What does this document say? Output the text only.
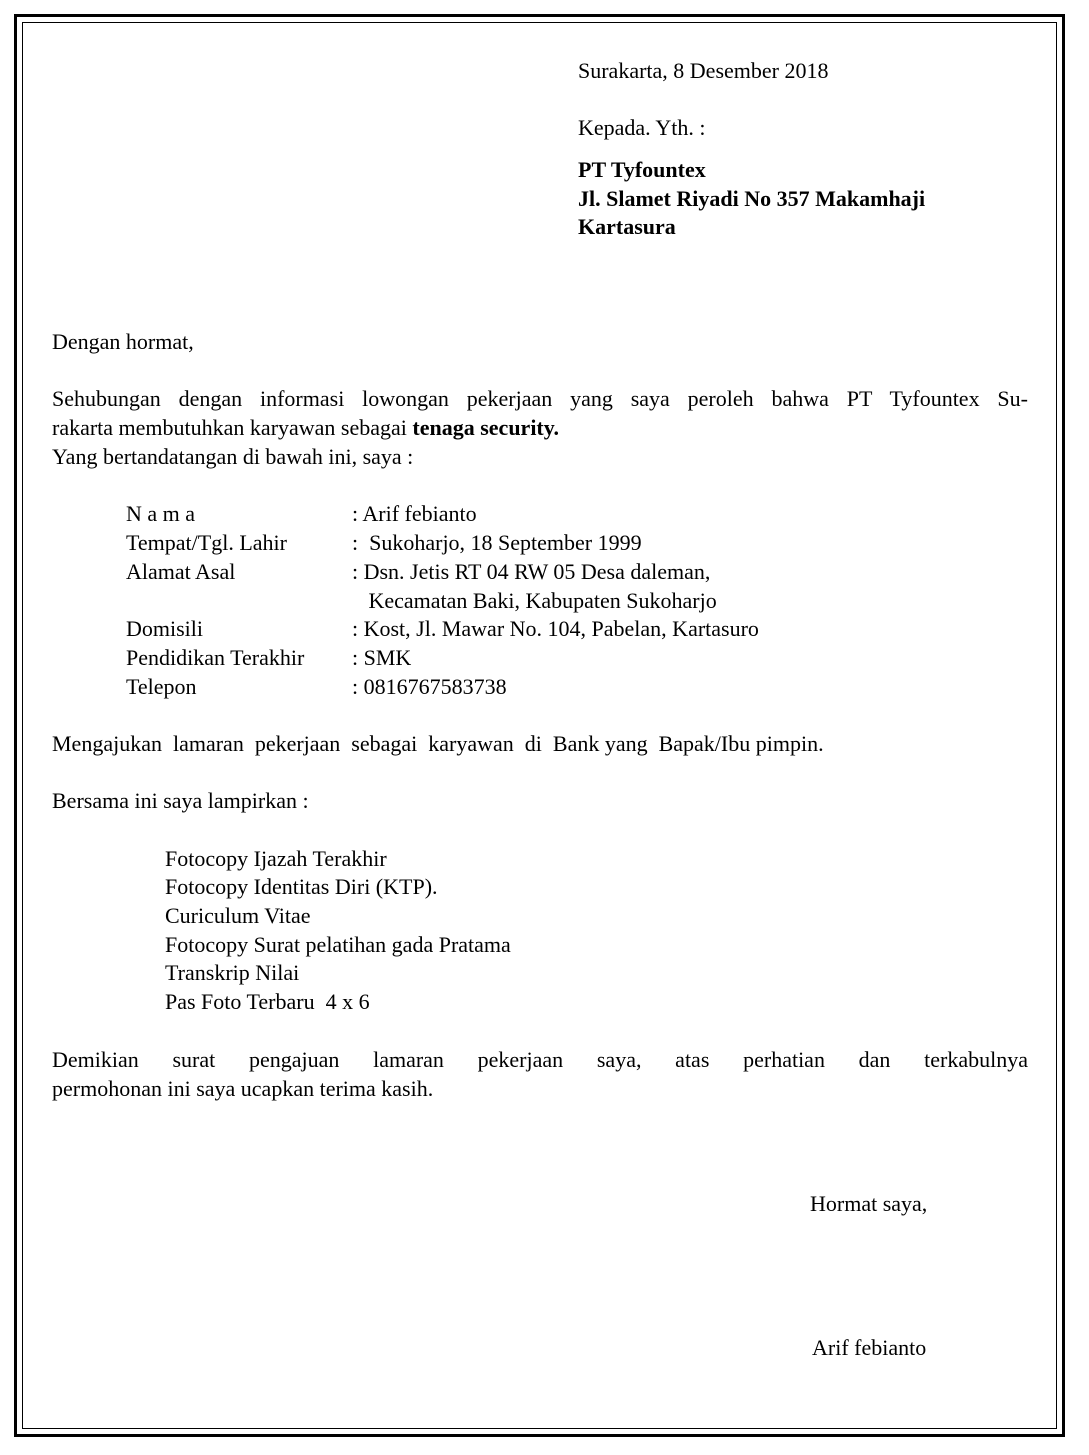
Surakarta, 8 Desember 2018
Kepada. Yth. :
PT Tyfountex
Jl. Slamet Riyadi No 357 Makamhaji
Kartasura
Dengan hormat,
Sehubungan dengan informasi lowongan pekerjaan yang saya peroleh bahwa PT Tyfountex Su-
rakarta membutuhkan karyawan sebagai tenaga security.
Yang bertandatangan di bawah ini, saya :
N a m a	: Arif febianto
Tempat/Tgl. Lahir	:  Sukoharjo, 18 September 1999
Alamat Asal	: Dsn. Jetis RT 04 RW 05 Desa daleman,
Kecamatan Baki, Kabupaten Sukoharjo
Domisili	: Kost, Jl. Mawar No. 104, Pabelan, Kartasuro
Pendidikan Terakhir : SMK
Telepon	: 0816767583738
Mengajukan  lamaran  pekerjaan  sebagai  karyawan  di  Bank yang  Bapak/Ibu pimpin.
Bersama ini saya lampirkan :
Fotocopy Ijazah Terakhir
Fotocopy Identitas Diri (KTP).
Curiculum Vitae
Fotocopy Surat pelatihan gada Pratama
Transkrip Nilai
Pas Foto Terbaru  4 x 6
Demikian surat pengajuan lamaran pekerjaan saya, atas perhatian dan terkabulnya
permohonan ini saya ucapkan terima kasih.
Hormat saya,
Arif febianto
